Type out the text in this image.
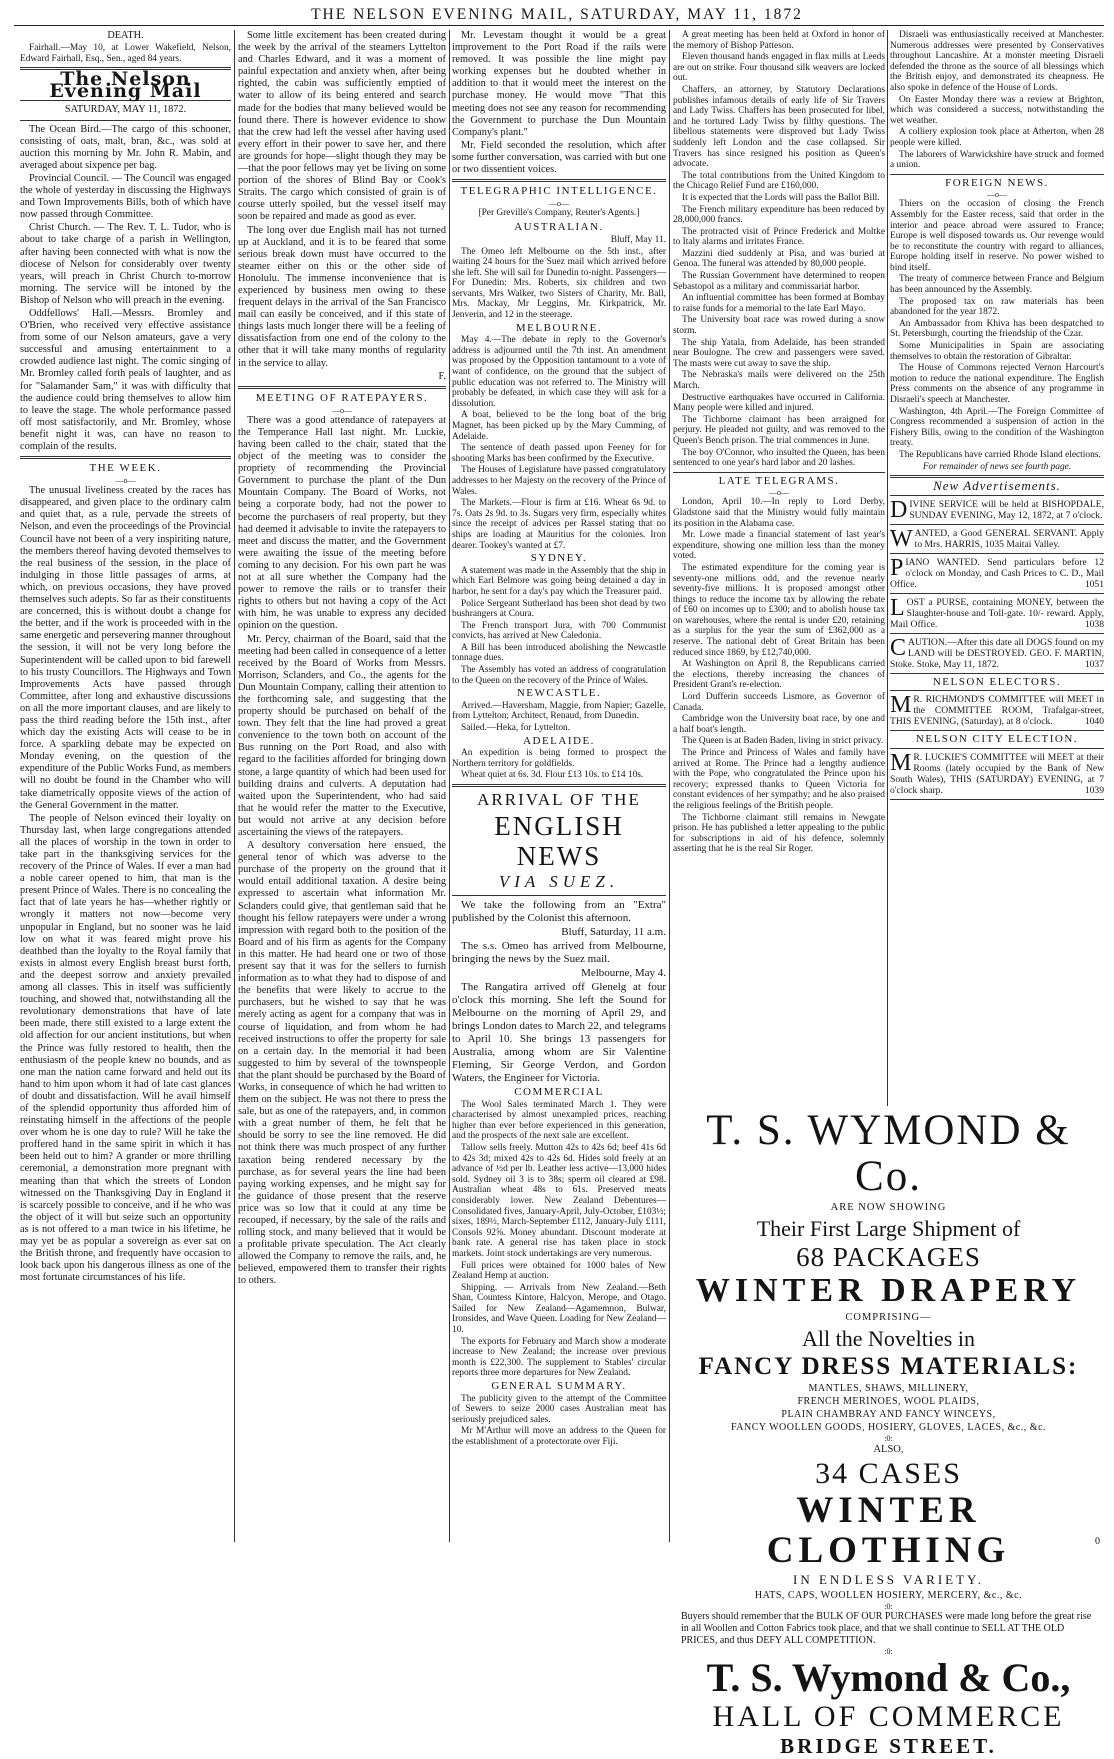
THE NELSON EVENING MAIL, SATURDAY, MAY 11, 1872

DEATH.

Fairhall.—May 10, at Lower Wakefield, Nelson, Edward Fairhall, Esq., Sen., aged 84 years.

The Nelson Evening Mail

SATURDAY, MAY 11, 1872.

The Ocean Bird.—The cargo of this schooner, consisting of oats, malt, bran, &c., was sold at auction this morning by Mr. John R. Mabin, and averaged about sixpence per bag.

Provincial Council. — The Council was engaged the whole of yesterday in discussing the Highways and Town Improvements Bills, both of which have now passed through Committee.

Christ Church. — The Rev. T. L. Tudor, who is about to take charge of a parish in Wellington, after having been connected with what is now the diocese of Nelson for considerably over twenty years, will preach in Christ Church to-morrow morning. The service will be intoned by the Bishop of Nelson who will preach in the evening.

Oddfellows' Hall.—Messrs. Bromley and O'Brien, who received very effective assistance from some of our Nelson amateurs, gave a very successful and amusing entertainment to a crowded audience last night. The comic singing of Mr. Bromley called forth peals of laughter, and as for "Salamander Sam," it was with difficulty that the audience could bring themselves to allow him to leave the stage. The whole performance passed off most satisfactorily, and Mr. Bromley, whose benefit night it was, can have no reason to complain of the results.

THE WEEK.

—o—

The unusual liveliness created by the races has disappeared, and given place to the ordinary calm and quiet that, as a rule, pervade the streets of Nelson, and even the proceedings of the Provincial Council have not been of a very inspiriting nature, the members thereof having devoted themselves to the real business of the session, in the place of indulging in those little passages of arms, at which, on previous occasions, they have proved themselves such adepts. So far as their constituents are concerned, this is without doubt a change for the better, and if the work is proceeded with in the same energetic and persevering manner throughout the session, it will not be very long before the Superintendent will be called upon to bid farewell to his trusty Councillors. The Highways and Town Improvements Acts have passed through Committee, after long and exhaustive discussions on all the more important clauses, and are likely to pass the third reading before the 15th inst., after which day the existing Acts will cease to be in force. A sparkling debate may be expected on Monday evening, on the question of the expenditure of the Public Works Fund, as members will no doubt be found in the Chamber who will take diametrically opposite views of the action of the General Government in the matter.

The people of Nelson evinced their loyalty on Thursday last, when large congregations attended all the places of worship in the town in order to take part in the thanksgiving services for the recovery of the Prince of Wales. If ever a man had a noble career opened to him, that man is the present Prince of Wales. There is no concealing the fact that of late years he has—whether rightly or wrongly it matters not now—become very unpopular in England, but no sooner was he laid low on what it was feared might prove his deathbed than the loyalty to the Royal family that exists in almost every English breast burst forth, and the deepest sorrow and anxiety prevailed among all classes. This in itself was sufficiently touching, and showed that, notwithstanding all the revolutionary demonstrations that have of late been made, there still existed to a large extent the old affection for our ancient institutions, but when the Prince was fully restored to health, then the enthusiasm of the people knew no bounds, and as one man the nation came forward and held out its hand to him upon whom it had of late cast glances of doubt and dissatisfaction. Will he avail himself of the splendid opportunity thus afforded him of reinstating himself in the affections of the people over whom he is one day to rule? Will he take the proffered hand in the same spirit in which it has been held out to him? A grander or more thrilling ceremonial, a demonstration more pregnant with meaning than that which the streets of London witnessed on the Thanksgiving Day in England it is scarcely possible to conceive, and if he who was the object of it will but seize such an opportunity as is not offered to a man twice in his lifetime, he may yet be as popular a sovereign as ever sat on the British throne, and frequently have occasion to look back upon his dangerous illness as one of the most fortunate circumstances of his life.

Some little excitement has been created during the week by the arrival of the steamers Lyttelton and Charles Edward, and it was a moment of painful expectation and anxiety when, after being righted, the cabin was sufficiently emptied of water to allow of its being entered and search made for the bodies that many believed would be found there. There is however evidence to show that the crew had left the vessel after having used every effort in their power to save her, and there are grounds for hope—slight though they may be—that the poor fellows may yet be living on some portion of the shores of Blind Bay or Cook's Straits. The cargo which consisted of grain is of course utterly spoiled, but the vessel itself may soon be repaired and made as good as ever.

The long over due English mail has not turned up at Auckland, and it is to be feared that some serious break down must have occurred to the steamer either on this or the other side of Honolulu. The immense inconvenience that is experienced by business men owing to these frequent delays in the arrival of the San Francisco mail can easily be conceived, and if this state of things lasts much longer there will be a feeling of dissatisfaction from one end of the colony to the other that it will take many months of regularity in the service to allay.

F.

MEETING OF RATEPAYERS.

—o—

There was a good attendance of ratepayers at the Temperance Hall last night. Mr. Luckie, having been called to the chair, stated that the object of the meeting was to consider the propriety of recommending the Provincial Government to purchase the plant of the Dun Mountain Company. The Board of Works, not being a corporate body, had not the power to become the purchasers of real property, but they had deemed it advisable to invite the ratepayers to meet and discuss the matter, and the Government were awaiting the issue of the meeting before coming to any decision. For his own part he was not at all sure whether the Company had the power to remove the rails or to transfer their rights to others but not having a copy of the Act with him, he was unable to express any decided opinion on the question.

Mr. Percy, chairman of the Board, said that the meeting had been called in consequence of a letter received by the Board of Works from Messrs. Morrison, Sclanders, and Co., the agents for the Dun Mountain Company, calling their attention to the forthcoming sale, and suggesting that the property should be purchased on behalf of the town. They felt that the line had proved a great convenience to the town both on account of the Bus running on the Port Road, and also with regard to the facilities afforded for bringing down stone, a large quantity of which had been used for building drains and culverts. A deputation had waited upon the Superintendent, who had said that he would refer the matter to the Executive, but would not arrive at any decision before ascertaining the views of the ratepayers.

A desultory conversation here ensued, the general tenor of which was adverse to the purchase of the property on the ground that it would entail additional taxation. A desire being expressed to ascertain what information Mr. Sclanders could give, that gentleman said that he thought his fellow ratepayers were under a wrong impression with regard both to the position of the Board and of his firm as agents for the Company in this matter. He had heard one or two of those present say that it was for the sellers to furnish information as to what they had to dispose of and the benefits that were likely to accrue to the purchasers, but he wished to say that he was merely acting as agent for a company that was in course of liquidation, and from whom he had received instructions to offer the property for sale on a certain day. In the memorial it had been suggested to him by several of the townspeople that the plant should be purchased by the Board of Works, in consequence of which he had written to them on the subject. He was not there to press the sale, but as one of the ratepayers, and, in common with a great number of them, he felt that he should be sorry to see the line removed. He did not think there was much prospect of any further taxation being rendered necessary by the purchase, as for several years the line had been paying working expenses, and he might say for the guidance of those present that the reserve price was so low that it could at any time be recouped, if necessary, by the sale of the rails and rolling stock, and many believed that it would be a profitable private speculation. The Act clearly allowed the Company to remove the rails, and, he believed, empowered them to transfer their rights to others.

Mr. Levestam thought it would be a great improvement to the Port Road if the rails were removed. It was possible the line might pay working expenses but he doubted whether in addition to that it would meet the interest on the purchase money. He would move "That this meeting does not see any reason for recommending the Government to purchase the Dun Mountain Company's plant."

Mr. Field seconded the resolution, which after some further conversation, was carried with but one or two dissentient voices.

TELEGRAPHIC INTELLIGENCE.

—o—

[Per Greville's Company, Reuter's Agents.]

AUSTRALIAN.

Bluff, May 11.

The Omeo left Melbourne on the 5th inst., after waiting 24 hours for the Suez mail which arrived before she left. She will sail for Dunedin to-night. Passengers—For Dunedin: Mrs. Roberts, six children and two servants, Mrs Walker, two Sisters of Charity, Mr. Ball, Mrs. Mackay, Mr Leggins, Mr. Kirkpatrick, Mr. Jenverin, and 12 in the steerage.

MELBOURNE.

May 4.—The debate in reply to the Governor's address is adjourned until the 7th inst. An amendment was proposed by the Opposition tantamount to a vote of want of confidence, on the ground that the subject of public education was not referred to. The Ministry will probably be defeated, in which case they will ask for a dissolution.

A boat, believed to be the long boat of the brig Magnet, has been picked up by the Mary Cumming, of Adelaide.

The sentence of death passed upon Feeney for for shooting Marks has been confirmed by the Executive.

The Houses of Legislature have passed congratulatory addresses to her Majesty on the recovery of the Prince of Wales.

The Markets.—Flour is firm at £16. Wheat 6s 9d. to 7s. Oats 2s 9d. to 3s. Sugars very firm, especially whites since the receipt of advices per Rassel stating that no ships are loading at Mauritius for the colonies. Iron dearer. Tookey's wanted at £7.

SYDNEY.

A statement was made in the Assembly that the ship in which Earl Belmore was going being detained a day in harbor, he sent for a day's pay which the Treasurer paid.

Police Sergeant Sutherland has been shot dead by two bushrangers at Coura.

The French transport Jura, with 700 Communist convicts, has arrived at New Caledonia.

A Bill has been introduced abolishing the Newcastle tonnage dues.

The Assembly has voted an address of congratulation to the Queen on the recovery of the Prince of Wales.

NEWCASTLE.

Arrived.—Haversham, Maggie, from Napier; Gazelle, from Lyttelton; Architect, Renaud, from Dunedin.

Sailed.—Heka, for Lyttelton.

ADELAIDE.

An expedition is being formed to prospect the Northern territory for goldfields.

Wheat quiet at 6s. 3d. Flour £13 10s. to £14 10s.

ARRIVAL OF THE

ENGLISH NEWS

VIA SUEZ.

We take the following from an "Extra" published by the Colonist this afternoon.

Bluff, Saturday, 11 a.m.

The s.s. Omeo has arrived from Melbourne, bringing the news by the Suez mail.

Melbourne, May 4.

The Rangatira arrived off Glenelg at four o'clock this morning. She left the Sound for Melbourne on the morning of April 29, and brings London dates to March 22, and telegrams to April 10. She brings 13 passengers for Australia, among whom are Sir Valentine Fleming, Sir George Verdon, and Gordon Waters, the Engineer for Victoria.

COMMERCIAL

The Wool Sales terminated March 1. They were characterised by almost unexampled prices, reaching higher than ever before experienced in this generation, and the prospects of the next sale are excellent.

Tallow sells freely. Mutton 42s to 42s 6d; beef 41s 6d to 42s 3d; mixed 42s to 42s 6d. Hides sold freely at an advance of ½d per lb. Leather less active—13,000 hides sold. Sydney oil 3 is to 38s; sperm oil cleared at £98. Australian wheat 48s to 61s. Preserved meats considerably lower. New Zealand Debentures—Consolidated fives, January-April, July-October, £103½; sixes, 189½, March-September £112, January-July £111, Consols 92⅝. Money abundant. Discount moderate at bank rate. A general rise has taken place in stock markets. Joint stock undertakings are very numerous.

Full prices were obtained for 1000 bales of New Zealand Hemp at auction.

Shipping. — Arrivals from New Zealand.—Beth Shan, Countess Kintore, Halcyon, Merope, and Otago. Sailed for New Zealand—Agamemnon, Bulwar, Ironsides, and Wave Queen. Loading for New Zealand—10.

The exports for February and March show a moderate increase to New Zealand; the increase over previous month is £22,300. The supplement to Stables' circular reports three more departures for New Zealand.

GENERAL SUMMARY.

The publicity given to the attempt of the Committee of Sewers to seize 2000 cases Australian meat has seriously prejudiced sales.

Mr M'Arthur will move an address to the Queen for the establishment of a protectorate over Fiji.

A great meeting has been held at Oxford in honor of the memory of Bishop Patteson.

Eleven thousand hands engaged in flax mills at Leeds are out on strike. Four thousand silk weavers are locked out.

Chaffers, an attorney, by Statutory Declarations publishes infamous details of early life of Sir Travers and Lady Twiss. Chaffers has been prosecuted for libel, and he tortured Lady Twiss by filthy questions. The libellous statements were disproved but Lady Twiss suddenly left London and the case collapsed. Sir Travers has since resigned his position as Queen's advocate.

The total contributions from the United Kingdom to the Chicago Relief Fund are £160,000.

It is expected that the Lords will pass the Ballot Bill.

The French military expenditure has been reduced by 28,000,000 francs.

The protracted visit of Prince Frederick and Moltke to Italy alarms and irritates France.

Mazzini died suddenly at Pisa, and was buried at Genoa. The funeral was attended by 80,000 people.

The Russian Government have determined to reopen Sebastopol as a military and commissariat harbor.

An influential committee has been formed at Bombay to raise funds for a memorial to the late Earl Mayo.

The University boat race was rowed during a snow storm.

The ship Yatala, from Adelaide, has been stranded near Boulogne. The crew and passengers were saved. The masts were cut away to save the ship.

The Nebraska's mails were delivered on the 25th March.

Destructive earthquakes have occurred in California. Many people were killed and injured.

The Tichborne claimant has been arraigned for perjury. He pleaded not guilty, and was removed to the Queen's Bench prison. The trial commences in June.

The boy O'Connor, who insulted the Queen, has been sentenced to one year's hard labor and 20 lashes.

LATE TELEGRAMS.

—o—

London, April 10.—In reply to Lord Derby, Gladstone said that the Ministry would fully maintain its position in the Alabama case.

Mr. Lowe made a financial statement of last year's expenditure, showing one million less than the money voted.

The estimated expenditure for the coming year is seventy-one millions odd, and the revenue nearly seventy-five millions. It is proposed amongst other things to reduce the income tax by allowing the rebate of £60 on incomes up to £300; and to abolish house tax on warehouses, where the rental is under £20, retaining as a surplus for the year the sum of £362,000 as a reserve. The national debt of Great Britain has been reduced since 1869, by £12,740,000.

At Washington on April 8, the Republicans carried the elections, thereby increasing the chances of President Grant's re-election.

Lord Dufferin succeeds Lismore, as Governor of Canada.

Cambridge won the University boat race, by one and a half boat's length.

The Queen is at Baden Baden, living in strict privacy.

The Prince and Princess of Wales and family have arrived at Rome. The Prince had a lengthy audience with the Pope, who congratulated the Prince upon his recovery; expressed thanks to Queen Victoria for constant evidences of her sympathy; and he also praised the religious feelings of the British people.

The Tichborne claimant still remains in Newgate prison. He has published a letter appealing to the public for subscriptions in aid of his defence, solemnly asserting that he is the real Sir Roger.

Disraeli was enthusiastically received at Manchester. Numerous addresses were presented by Conservatives throughout Lancashire. At a monster meeting Disraeli defended the throne as the source of all blessings which the British enjoy, and demonstrated its cheapness. He also spoke in defence of the House of Lords.

On Easter Monday there was a review at Brighton, which was considered a success, notwithstanding the wet weather.

A colliery explosion took place at Atherton, when 28 people were killed.

The laborers of Warwickshire have struck and formed a union.

FOREIGN NEWS.

—o—

Thiers on the occasion of closing the French Assembly for the Easter recess, said that order in the interior and peace abroad were assured to France; Europe is well disposed towards us. Our revenge would be to reconstitute the country with regard to alliances, Europe holding itself in reserve. No power wished to bind itself.

The treaty of commerce between France and Belgium has been announced by the Assembly.

The proposed tax on raw materials has been abandoned for the year 1872.

An Ambassador from Khiva has been despatched to St. Petersburgh, courting the friendship of the Czar.

Some Municipalities in Spain are associating themselves to obtain the restoration of Gibraltar.

The House of Commons rejected Vernon Harcourt's motion to reduce the national expenditure. The English Press comments on the absence of any programme in Disraeli's speech at Manchester.

Washington, 4th April.—The Foreign Committee of Congress recommended a suspension of action in the Fishery Bills, owing to the condition of the Washington treaty.

The Republicans have carried Rhode Island elections.

For remainder of news see fourth page.

New Advertisements.

DIVINE SERVICE will be held at BISHOPDALE, SUNDAY EVENING, May 12, 1872, at 7 o'clock.
WANTED, a Good GENERAL SERVANT. Apply to Mrs. HARRIS, 1035 Maitai Valley.
PIANO WANTED. Send particulars before 12 o'clock on Monday, and Cash Prices to C. D., Mail Office.	1051
LOST a PURSE, containing MONEY, between the Slaughter-house and Toll-gate. 10/- reward. Apply, Mail Office.	1038
CAUTION.—After this date all DOGS found on my LAND will be DESTROYED. GEO. F. MARTIN, Stoke. Stoke, May 11, 1872.	1037

NELSON ELECTORS.

M R. RICHMOND'S COMMITTEE will MEET in the COMMITTEE ROOM, Trafalgar-street, THIS EVENING, (Saturday), at 8 o'clock.	1040

NELSON CITY ELECTION.

M R. LUCKIE'S COMMITTEE will MEET at their Rooms (lately occupied by the Bank of New South Wales), THIS (SATURDAY) EVENING, at 7 o'clock sharp.	1039
T. S. WYMOND & Co.
ARE NOW SHOWING
Their First Large Shipment of
68 PACKAGES
WINTER DRAPERY
COMPRISING—
All the Novelties in
FANCY DRESS MATERIALS:
MANTLES, SHAWS, MILLINERY,
FRENCH MERINOES, WOOL PLAIDS,
PLAIN CHAMBRAY AND FANCY WINCEYS,
FANCY WOOLLEN GOODS, HOSIERY, GLOVES, LACES, &c., &c.
:0:
ALSO,
34 CASES
WINTER CLOTHING
IN ENDLESS VARIETY.
HATS, CAPS, WOOLLEN HOSIERY, MERCERY, &c., &c.
:0:
Buyers should remember that the BULK OF OUR PURCHASES were made long before the great rise in all Woollen and Cotton Fabrics took place, and that we shall continue to SELL AT THE OLD PRICES, and thus DEFY ALL COMPETITION.
:0:
T. S. Wymond & Co.,
HALL OF COMMERCE
BRIDGE STREET.
0
